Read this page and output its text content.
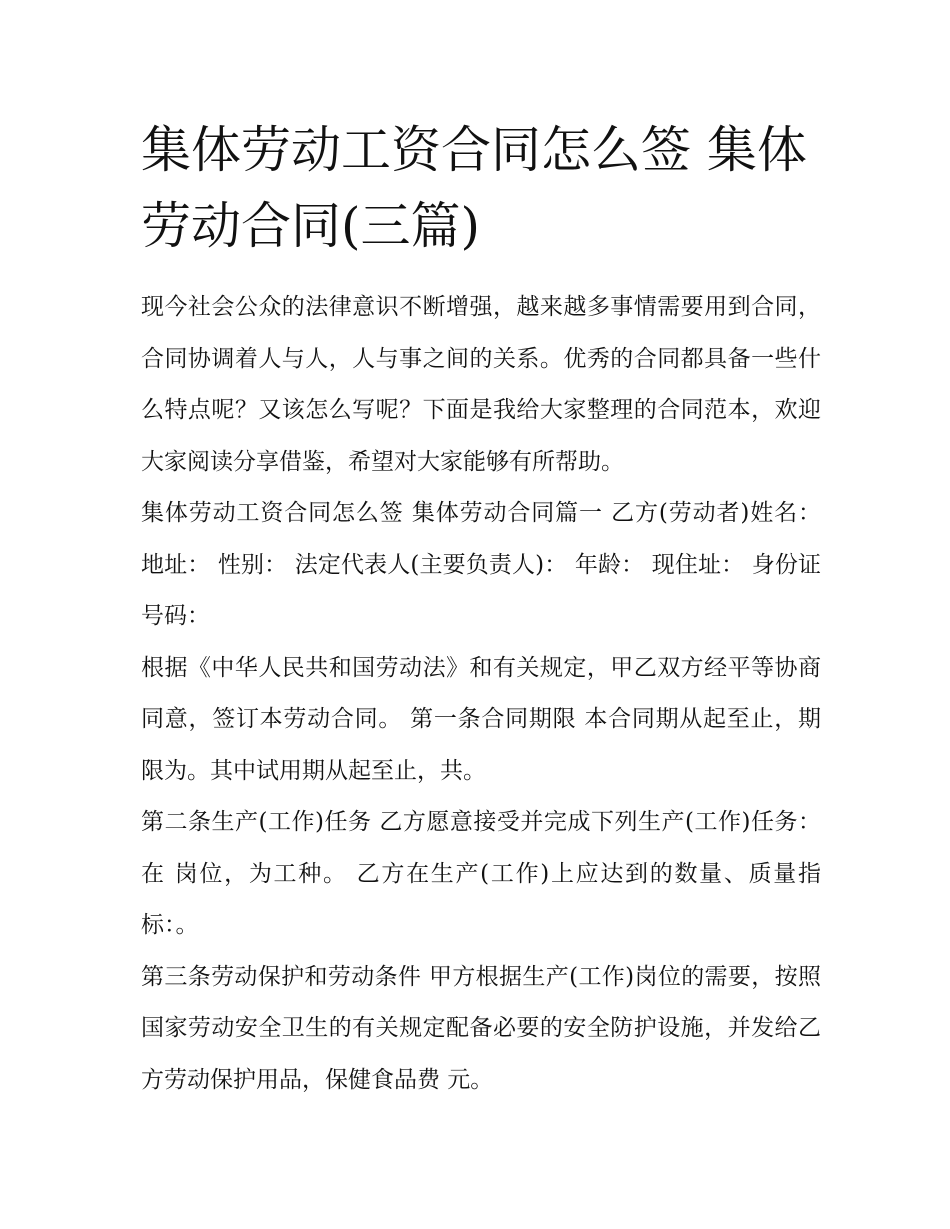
集体劳动工资合同怎么签 集体劳动合同(三篇)

现今社会公众的法律意识不断增强，越来越多事情需要用到合同，合同协调着人与人，人与事之间的关系。优秀的合同都具备一些什么特点呢？又该怎么写呢？下面是我给大家整理的合同范本，欢迎大家阅读分享借鉴，希望对大家能够有所帮助。

集体劳动工资合同怎么签 集体劳动合同篇一 乙方(劳动者)姓名： 地址： 性别： 法定代表人(主要负责人)： 年龄： 现住址： 身份证号码：

根据《中华人民共和国劳动法》和有关规定，甲乙双方经平等协商同意，签订本劳动合同。 第一条合同期限 本合同期从起至止，期限为。其中试用期从起至止，共。

第二条生产(工作)任务 乙方愿意接受并完成下列生产(工作)任务： 在 岗位，为工种。 乙方在生产(工作)上应达到的数量、质量指标：。

第三条劳动保护和劳动条件 甲方根据生产(工作)岗位的需要，按照国家劳动安全卫生的有关规定配备必要的安全防护设施，并发给乙方劳动保护用品，保健食品费 元。
